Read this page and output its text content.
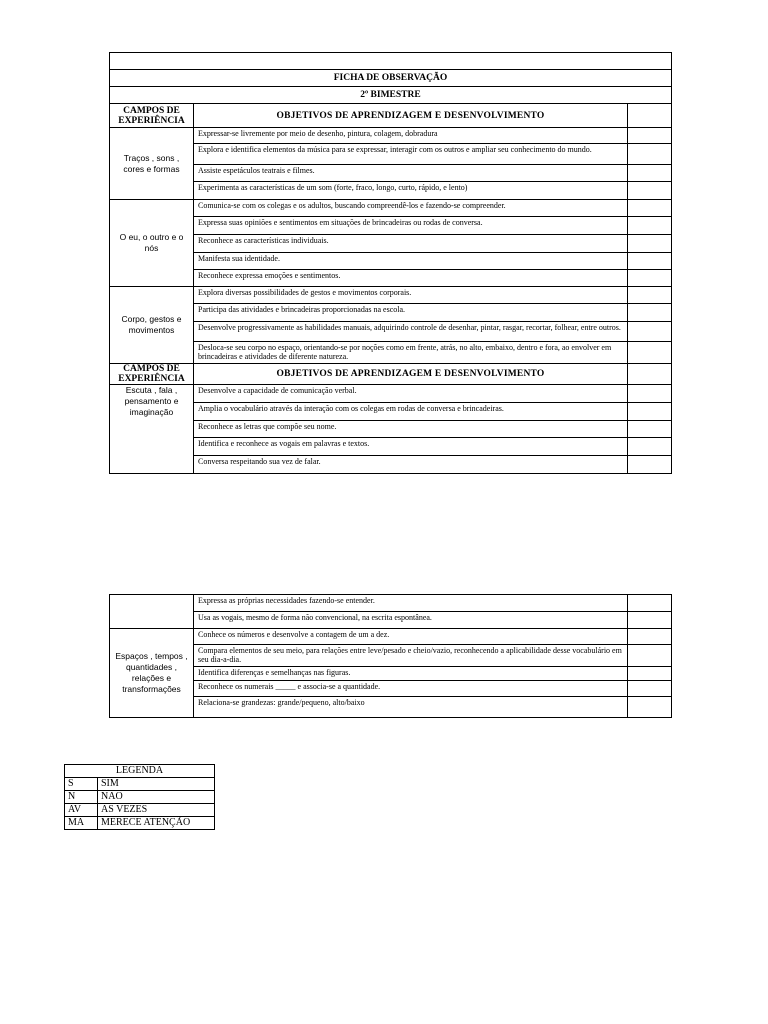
FICHA DE OBSERVAÇÃO		
2º BIMESTRE		
CAMPOS DE EXPERIÊNCIA	OBJETIVOS DE APRENDIZAGEM E DESENVOLVIMENTO	
Traços , sons , cores e formas	Expressar-se livremente por meio de desenho, pintura, colagem, dobradura	
	Explora e identifica elementos da música para se expressar, interagir com os outros e ampliar seu conhecimento do mundo.	
	Assiste espetáculos teatrais e filmes.	
	Experimenta as características de um som (forte, fraco, longo, curto, rápido, e lento)	
O eu, o outro e o nós	Comunica-se com os colegas e os adultos, buscando compreendê-los e fazendo-se compreender.	
	Expressa suas opiniões e sentimentos em situações de brincadeiras ou rodas de conversa.	
	Reconhece as características individuais.	
	Manifesta sua identidade.	
	Reconhece expressa emoções e sentimentos.	
Corpo, gestos e movimentos	Explora diversas possibilidades de gestos e movimentos corporais.	
	Participa das atividades e brincadeiras proporcionadas na escola.	
	Desenvolve progressivamente as habilidades manuais, adquirindo controle de desenhar, pintar, rasgar, recortar, folhear, entre outros.	
	Desloca-se seu corpo no espaço, orientando-se por noções como em frente, atrás, no alto, embaixo, dentro e fora, ao envolver em brincadeiras e atividades de diferente natureza.	
CAMPOS DE EXPERIÊNCIA	OBJETIVOS DE APRENDIZAGEM E DESENVOLVIMENTO	
Escuta , fala , pensamento e imaginação	Desenvolve a capacidade de comunicação verbal.	
	Amplia o vocabulário através da interação com os colegas em rodas de conversa e brincadeiras.	
	Reconhece as letras que compõe seu nome.	
	Identifica e reconhece as vogais em palavras e textos.	
	Conversa respeitando sua vez de falar.	
	Expressa as próprias necessidades fazendo-se entender.	
	Usa as vogais, mesmo de forma não convencional, na escrita espontânea.	
Espaços , tempos , quantidades , relações e transformações	Conhece os números e desenvolve a contagem de um a dez.	
	Compara elementos de seu meio, para relações entre leve/pesado e cheio/vazio, reconhecendo a aplicabilidade desse vocabulário em seu dia-a-dia.	
	Identifica diferenças e semelhanças nas figuras.	
	Reconhece os numerais _____ e associa-se a quantidade.	
	Relaciona-se grandezas: grande/pequeno, alto/baixo	
LEGENDA	
S	SIM
N	NAO
AV	AS VEZES
MA	MERECE ATENÇÃO
